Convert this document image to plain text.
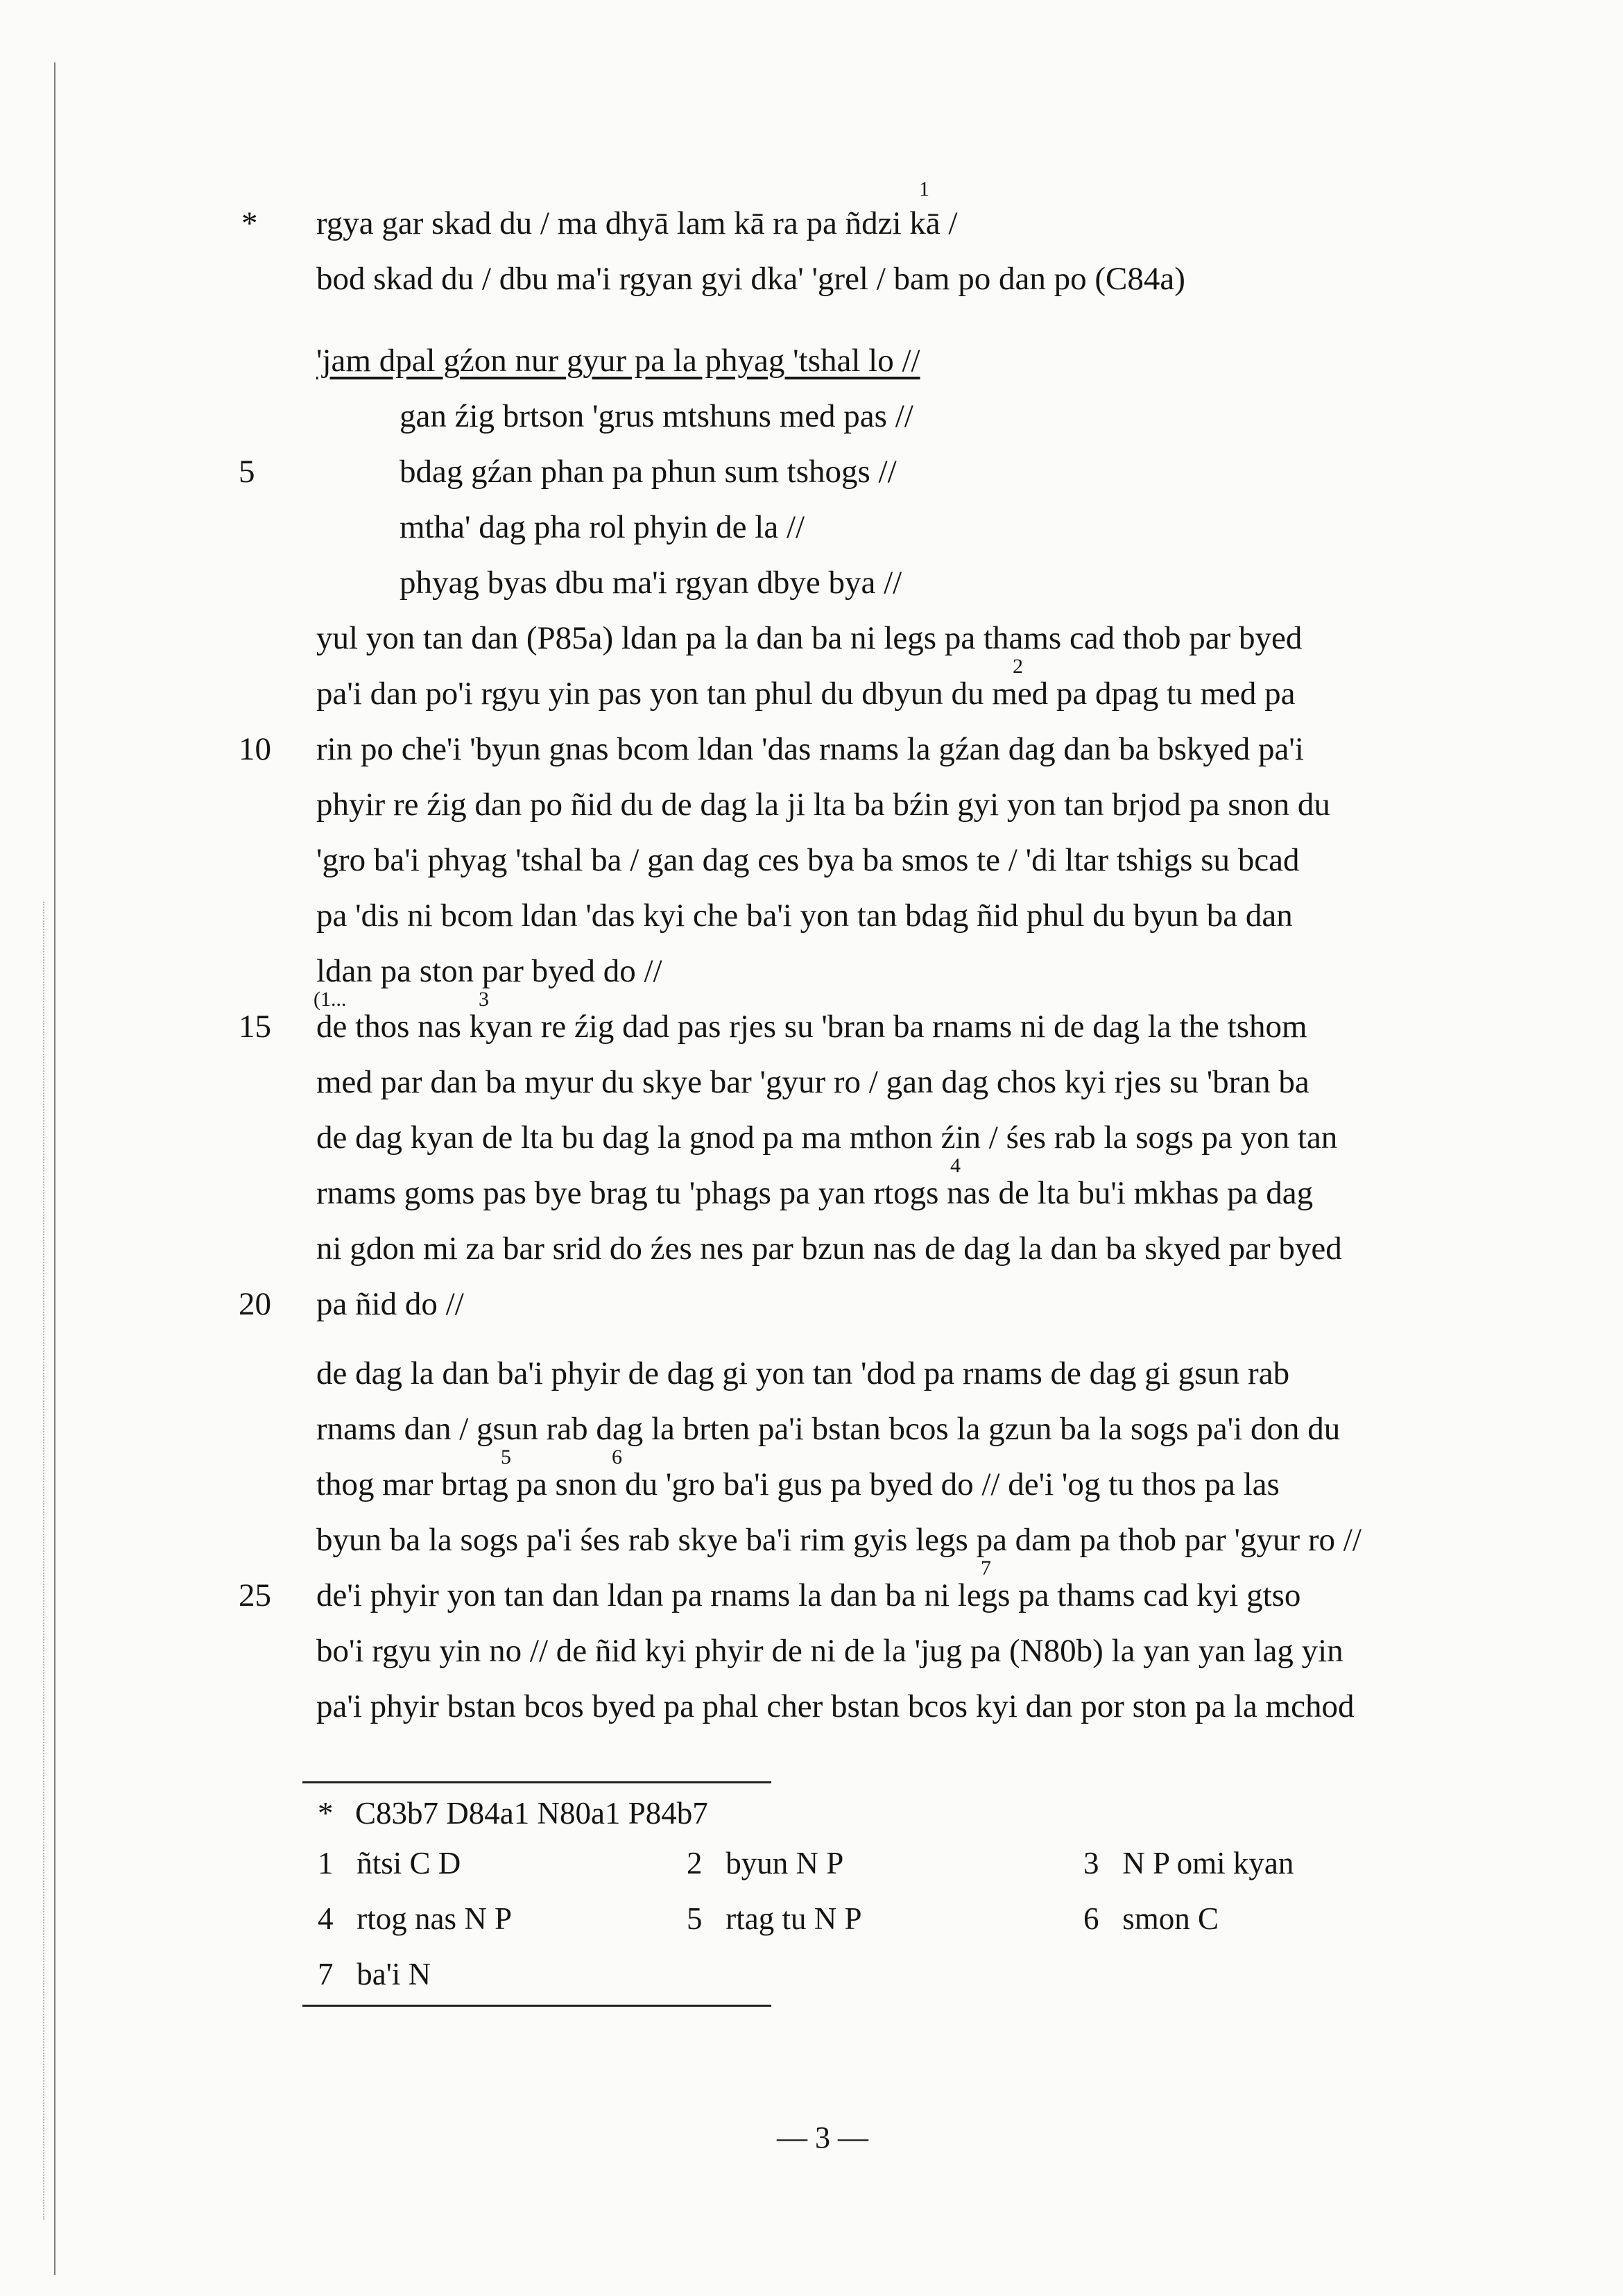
* rgya gar skad du / ma dhyā lam kā ra pa ñdzi kā /
1
bod skad du / dbu ma'i rgyan gyi dka' 'grel / bam po dan po (C84a)
'jam dpal gźon nur gyur pa la phyag 'tshal lo //
gan źig brtson 'grus mtshuns med pas //
5	bdag gźan phan pa phun sum tshogs //
mtha' dag pha rol phyin de la //
phyag byas dbu ma'i rgyan dbye bya //
yul yon tan dan (P85a) ldan pa la dan ba ni legs pa thams cad thob par byed
2
pa'i dan po'i rgyu yin pas yon tan phul du dbyun du med pa dpag tu med pa
10 rin po che'i 'byun gnas bcom ldan 'das rnams la gźan dag dan ba bskyed pa'i
phyir re źig dan po ñid du de dag la ji lta ba bźin gyi yon tan brjod pa snon du
'gro ba'i phyag 'tshal ba / gan dag ces bya ba smos te / 'di ltar tshigs su bcad
pa 'dis ni bcom ldan 'das kyi che ba'i yon tan bdag ñid phul du byun ba dan
ldan pa ston par byed do //
(1...	3
15 de thos nas kyan re źig dad pas rjes su 'bran ba rnams ni de dag la the tshom
med par dan ba myur du skye bar 'gyur ro / gan dag chos kyi rjes su 'bran ba
de dag kyan de lta bu dag la gnod pa ma mthon źin / śes rab la sogs pa yon tan
4
rnams goms pas bye brag tu 'phags pa yan rtogs nas de lta bu'i mkhas pa dag
ni gdon mi za bar srid do źes nes par bzun nas de dag la dan ba skyed par byed
20 pa ñid do //
de dag la dan ba'i phyir de dag gi yon tan 'dod pa rnams de dag gi gsun rab
rnams dan / gsun rab dag la brten pa'i bstan bcos la gzun ba la sogs pa'i don du
5	6
thog mar brtag pa snon du 'gro ba'i gus pa byed do // de'i 'og tu thos pa las
byun ba la sogs pa'i śes rab skye ba'i rim gyis legs pa dam pa thob par 'gyur ro //
7
25 de'i phyir yon tan dan ldan pa rnams la dan ba ni legs pa thams cad kyi gtso
bo'i rgyu yin no // de ñid kyi phyir de ni de la 'jug pa (N80b) la yan yan lag yin
pa'i phyir bstan bcos byed pa phal cher bstan bcos kyi dan por ston pa la mchod
* C83b7 D84a1 N80a1 P84b7
1 ñtsi C D	2 byun N P	3 N P omi kyan
4 rtog nas N P	5 rtag tu N P	6 smon C
7 ba'i N
— 3 —
